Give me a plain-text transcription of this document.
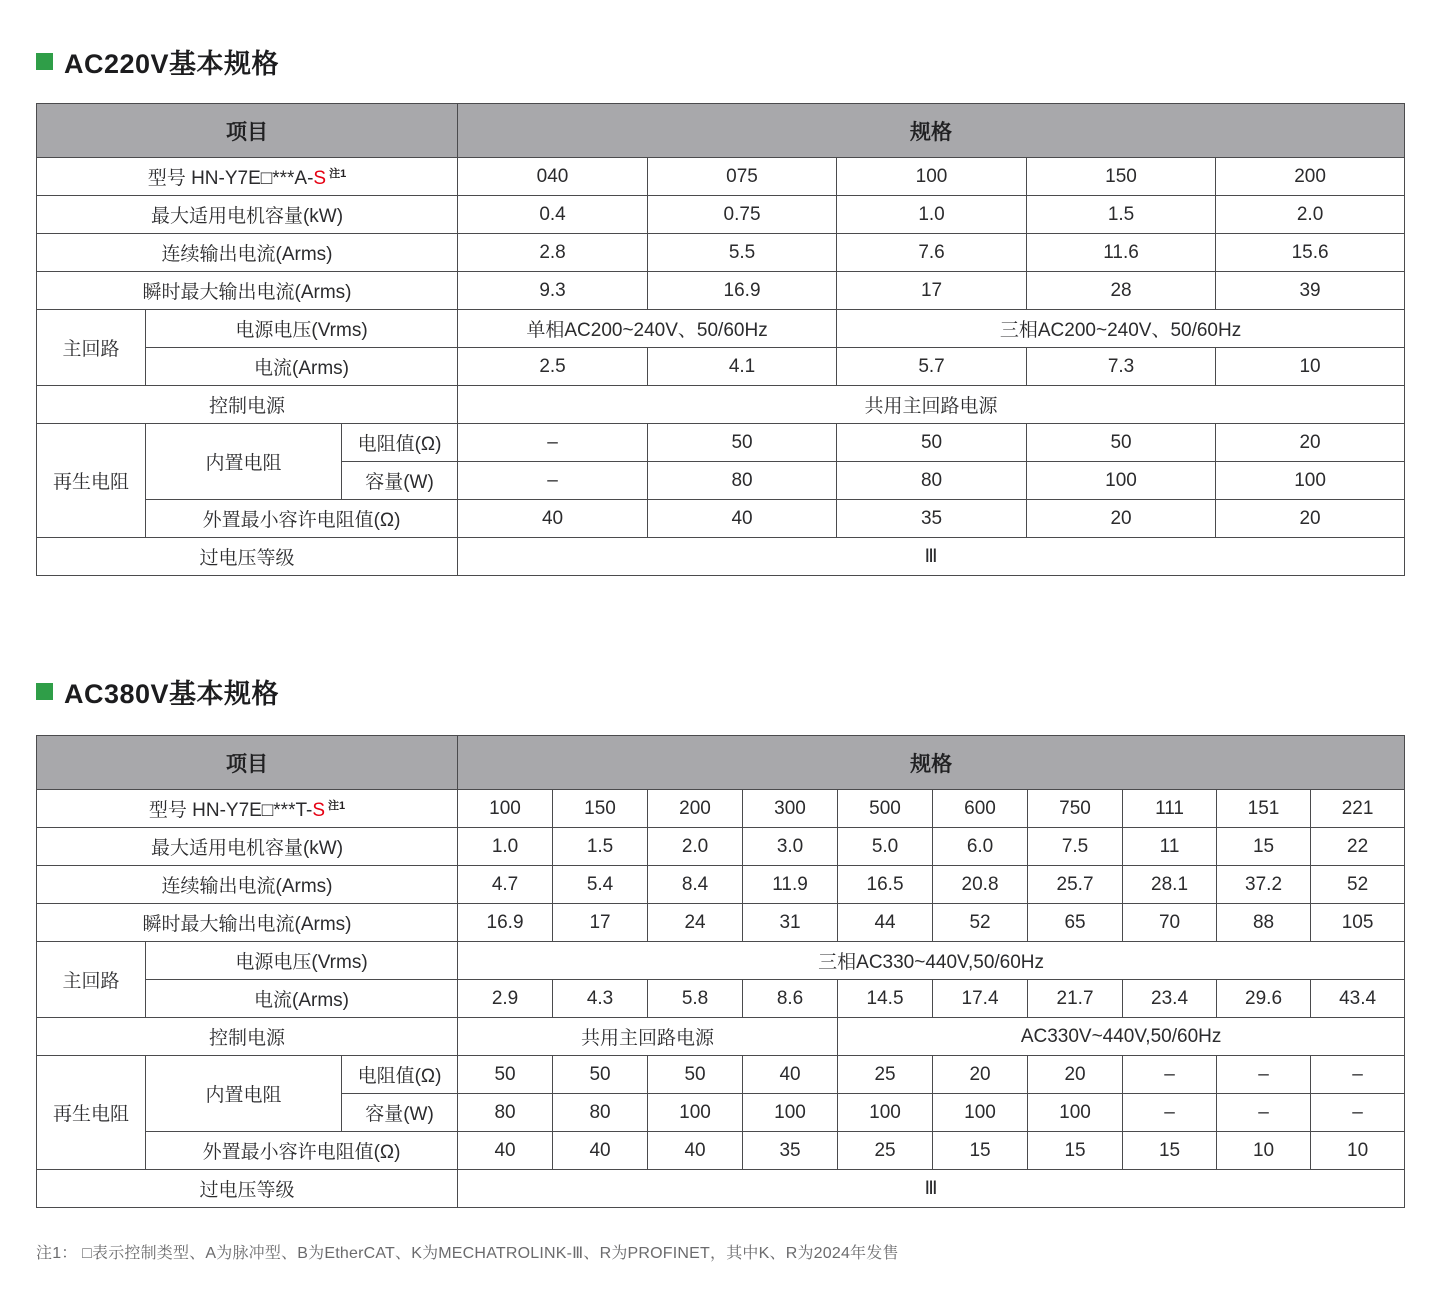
AC220V基本规格
项目			规格				
型号 HN-Y7E□***A-S $^{注1}$			040	075	100	150	200
最大适用电机容量(kW)			0.4	0.75	1.0	1.5	2.0
连续输出电流(Arms)			2.8	5.5	7.6	11.6	15.6
瞬时最大输出电流(Arms)			9.3	16.9	17	28	39
主回路	电源电压(Vrms)		单相AC200~240V、50/60Hz		三相AC200~240V、50/60Hz		
	电流(Arms)		2.5	4.1	5.7	7.3	10
控制电源			共用主回路电源				
再生电阻	内置电阻	电阻值(Ω)	–	50	50	50	20
		容量(W)	–	80	80	100	100
	外置最小容许电阻值(Ω)		40	40	35	20	20
过电压等级			Ⅲ				
AC380V基本规格
项目			规格									
型号 HN-Y7E□***T-S $^{注1}$			100	150	200	300	500	600	750	111	151	221
最大适用电机容量(kW)			1.0	1.5	2.0	3.0	5.0	6.0	7.5	11	15	22
连续输出电流(Arms)			4.7	5.4	8.4	11.9	16.5	20.8	25.7	28.1	37.2	52
瞬时最大输出电流(Arms)			16.9	17	24	31	44	52	65	70	88	105
主回路	电源电压(Vrms)		三相AC330~440V,50/60Hz									
	电流(Arms)		2.9	4.3	5.8	8.6	14.5	17.4	21.7	23.4	29.6	43.4
控制电源			共用主回路电源				AC330V~440V,50/60Hz					
再生电阻	内置电阻	电阻值(Ω)	50	50	50	40	25	20	20	–	–	–
		容量(W)	80	80	100	100	100	100	100	–	–	–
	外置最小容许电阻值(Ω)		40	40	40	35	25	15	15	15	10	10
过电压等级			Ⅲ									
注1： □表示控制类型、A为脉冲型、B为EtherCAT、K为MECHATROLINK-Ⅲ、R为PROFINET，其中K、R为2024年发售
